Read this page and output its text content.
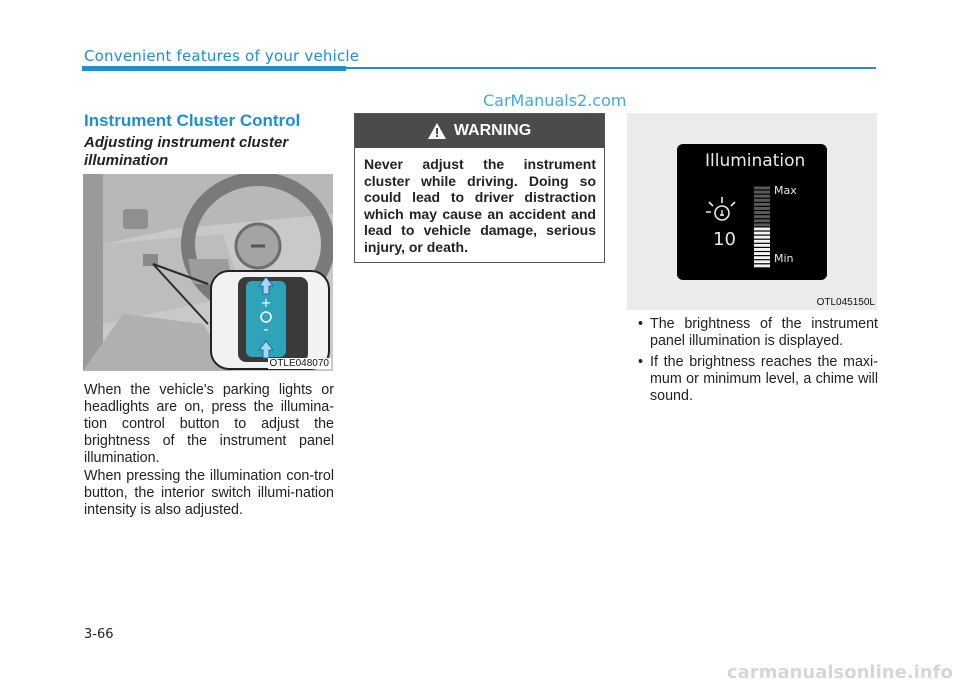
Convenient features of your vehicle
CarManuals2.com
Instrument Cluster Control
Adjusting instrument cluster illumination
+
-
OTLE048070
When the vehicle's parking lights or headlights are on, press the illumina-tion control button to adjust the brightness of the instrument panel illumination.
When pressing the illumination con-trol button, the interior switch illumi-nation intensity is also adjusted.
WARNING
Never adjust the instrument cluster while driving. Doing so could lead to driver distraction which may cause an accident and lead to vehicle damage, serious injury, or death.
Illumination
10
Max
Min
OTL045150L
• The brightness of the instrument panel illumination is displayed.
• If the brightness reaches the maxi-mum or minimum level, a chime will sound.
3-66
carmanualsonline.info
